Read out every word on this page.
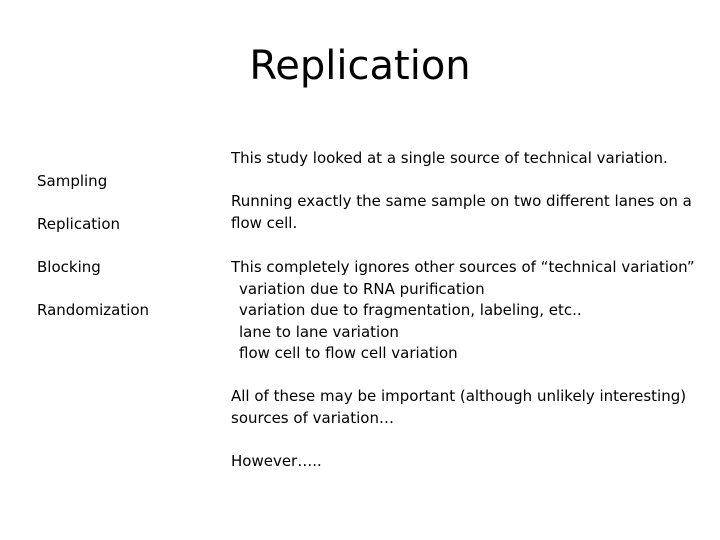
Replication
Sampling
Replication
Blocking
Randomization
This study looked at a single source of technical variation.
Running exactly the same sample on two different lanes on a
flow cell.
This completely ignores other sources of “technical variation”
variation due to RNA purification
variation due to fragmentation, labeling, etc..
lane to lane variation
flow cell to flow cell variation
All of these may be important (although unlikely interesting)
sources of variation…
However…..
